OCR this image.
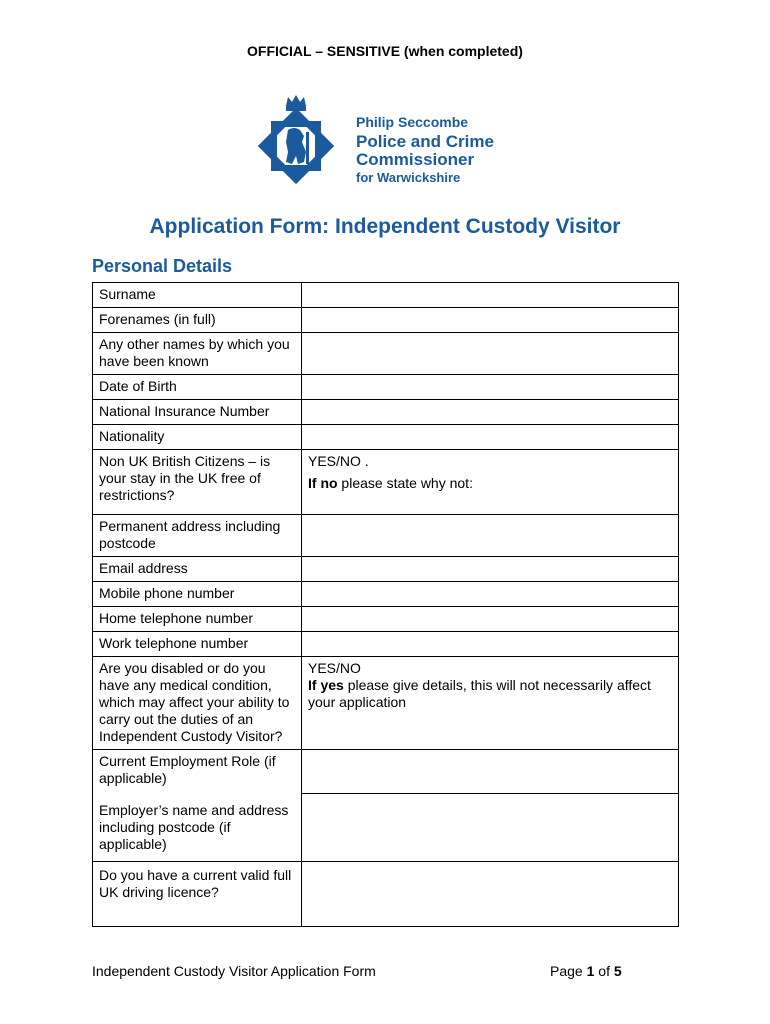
OFFICIAL – SENSITIVE (when completed)
Philip Seccombe
Police and Crime
Commissioner
for Warwickshire
Application Form: Independent Custody Visitor
Personal Details
Surname	
Forenames (in full)	
Any other names by which you have been known	
Date of Birth	
National Insurance Number	
Nationality	
Non UK British Citizens – is your stay in the UK free of restrictions?	YES/NO .
If no please state why not:

Permanent address including postcode	
Email address	
Mobile phone number	
Home telephone number	
Work telephone number	
Are you disabled or do you have any medical condition, which may affect your ability to carry out the duties of an Independent Custody Visitor?	YES/NO
If yes please give details, this will not necessarily affect your application

Current Employment Role (if applicable)	
Employer’s name and address including postcode (if applicable)	
Do you have a current valid full UK driving licence?	
Independent Custody Visitor Application Form	Page 1 of 5
